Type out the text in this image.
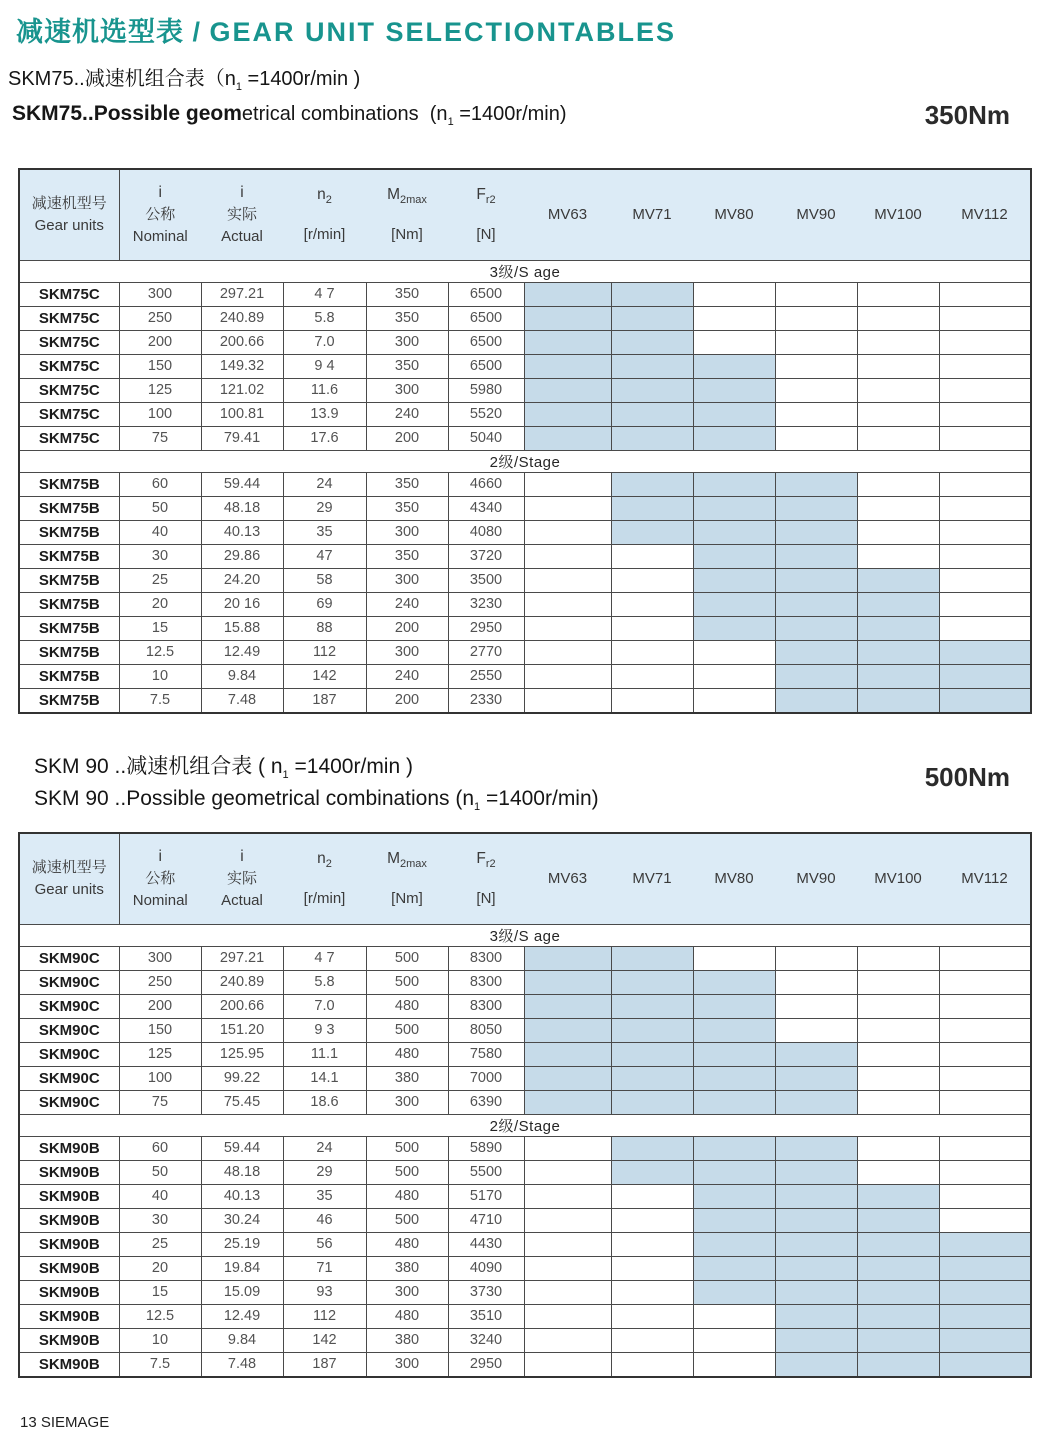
减速机选型表 / GEAR UNIT SELECTIONTABLES
SKM75..减速机组合表（$n_1 =1400r/\min$ )
SKM75..Possible geometrical combinations  $(n_1 =1400r/\min)$	350Nm
减速机型号
Gear units

i
公称
Nominal

i
实际
Actual

$n_2$
[r/min]

$M_{2max}$
[Nm]

$F_{r2}$
[N]
	MV63	MV71	MV80	MV90	MV100	MV112
3级/S age											
SKM75C	300	297.21	4 7	350	6500						
SKM75C	250	240.89	5.8	350	6500						
SKM75C	200	200.66	7.0	300	6500						
SKM75C	150	149.32	9 4	350	6500						
SKM75C	125	121.02	11.6	300	5980						
SKM75C	100	100.81	13.9	240	5520						
SKM75C	75	79.41	17.6	200	5040						
2级/Stage											
SKM75B	60	59.44	24	350	4660						
SKM75B	50	48.18	29	350	4340						
SKM75B	40	40.13	35	300	4080						
SKM75B	30	29.86	47	350	3720						
SKM75B	25	24.20	58	300	3500						
SKM75B	20	20 16	69	240	3230						
SKM75B	15	15.88	88	200	2950						
SKM75B	12.5	12.49	112	300	2770						
SKM75B	10	9.84	142	240	2550						
SKM75B	7.5	7.48	187	200	2330						
SKM 90 ..减速机组合表 ( $n_1 =1400r/\min$ )
SKM 90 ..Possible geometrical combinations $(n_1 =1400r/\min)$
500Nm
减速机型号
Gear units

i
公称
Nominal

i
实际
Actual

$n_2$
[r/min]

$M_{2max}$
[Nm]

$F_{r2}$
[N]
	MV63	MV71	MV80	MV90	MV100	MV112
3级/S age											
SKM90C	300	297.21	4 7	500	8300						
SKM90C	250	240.89	5.8	500	8300						
SKM90C	200	200.66	7.0	480	8300						
SKM90C	150	151.20	9 3	500	8050						
SKM90C	125	125.95	11.1	480	7580						
SKM90C	100	99.22	14.1	380	7000						
SKM90C	75	75.45	18.6	300	6390						
2级/Stage											
SKM90B	60	59.44	24	500	5890						
SKM90B	50	48.18	29	500	5500						
SKM90B	40	40.13	35	480	5170						
SKM90B	30	30.24	46	500	4710						
SKM90B	25	25.19	56	480	4430						
SKM90B	20	19.84	71	380	4090						
SKM90B	15	15.09	93	300	3730						
SKM90B	12.5	12.49	112	480	3510						
SKM90B	10	9.84	142	380	3240						
SKM90B	7.5	7.48	187	300	2950						
13 SIEMAGE
